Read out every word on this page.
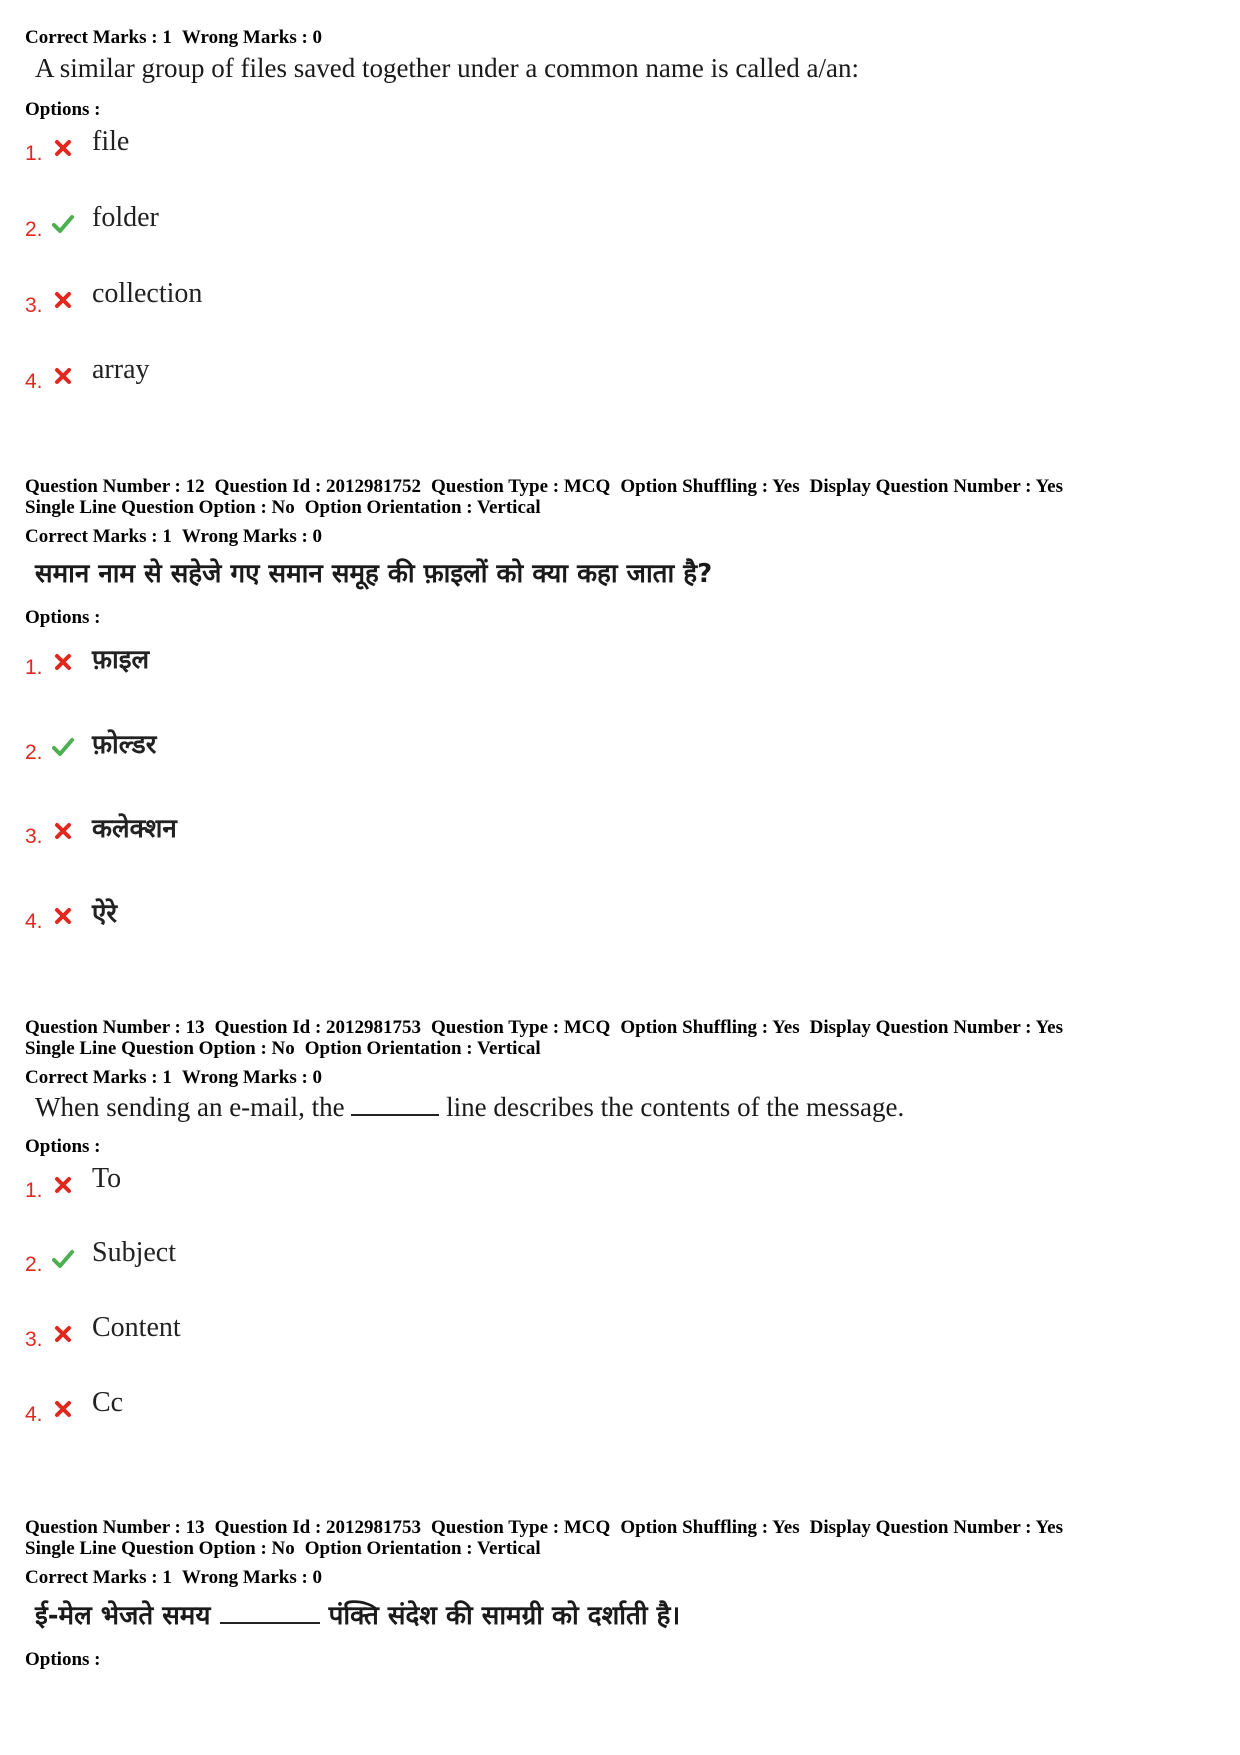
Correct Marks : 1 Wrong Marks : 0
A similar group of files saved together under a common name is called a/an:
Options :
1. file
2. folder
3. collection
4. array
Question Number : 12 Question Id : 2012981752 Question Type : MCQ Option Shuffling : Yes Display Question Number : Yes
Single Line Question Option : No Option Orientation : Vertical
Correct Marks : 1 Wrong Marks : 0
समान नाम से सहेजे गए समान समूह की फ़ाइलों को क्या कहा जाता है?
Options :
1. फ़ाइल
2. फ़ोल्डर
3. कलेक्शन
4. ऐरे
Question Number : 13 Question Id : 2012981753 Question Type : MCQ Option Shuffling : Yes Display Question Number : Yes
Single Line Question Option : No Option Orientation : Vertical
Correct Marks : 1 Wrong Marks : 0
When sending an e-mail, the	line describes the contents of the message.
Options :
1. To
2. Subject
3. Content
4. Cc
Question Number : 13 Question Id : 2012981753 Question Type : MCQ Option Shuffling : Yes Display Question Number : Yes
Single Line Question Option : No Option Orientation : Vertical
Correct Marks : 1 Wrong Marks : 0
ई-मेल भेजते समय	पंक्ति संदेश की सामग्री को दर्शाती है।
Options :
